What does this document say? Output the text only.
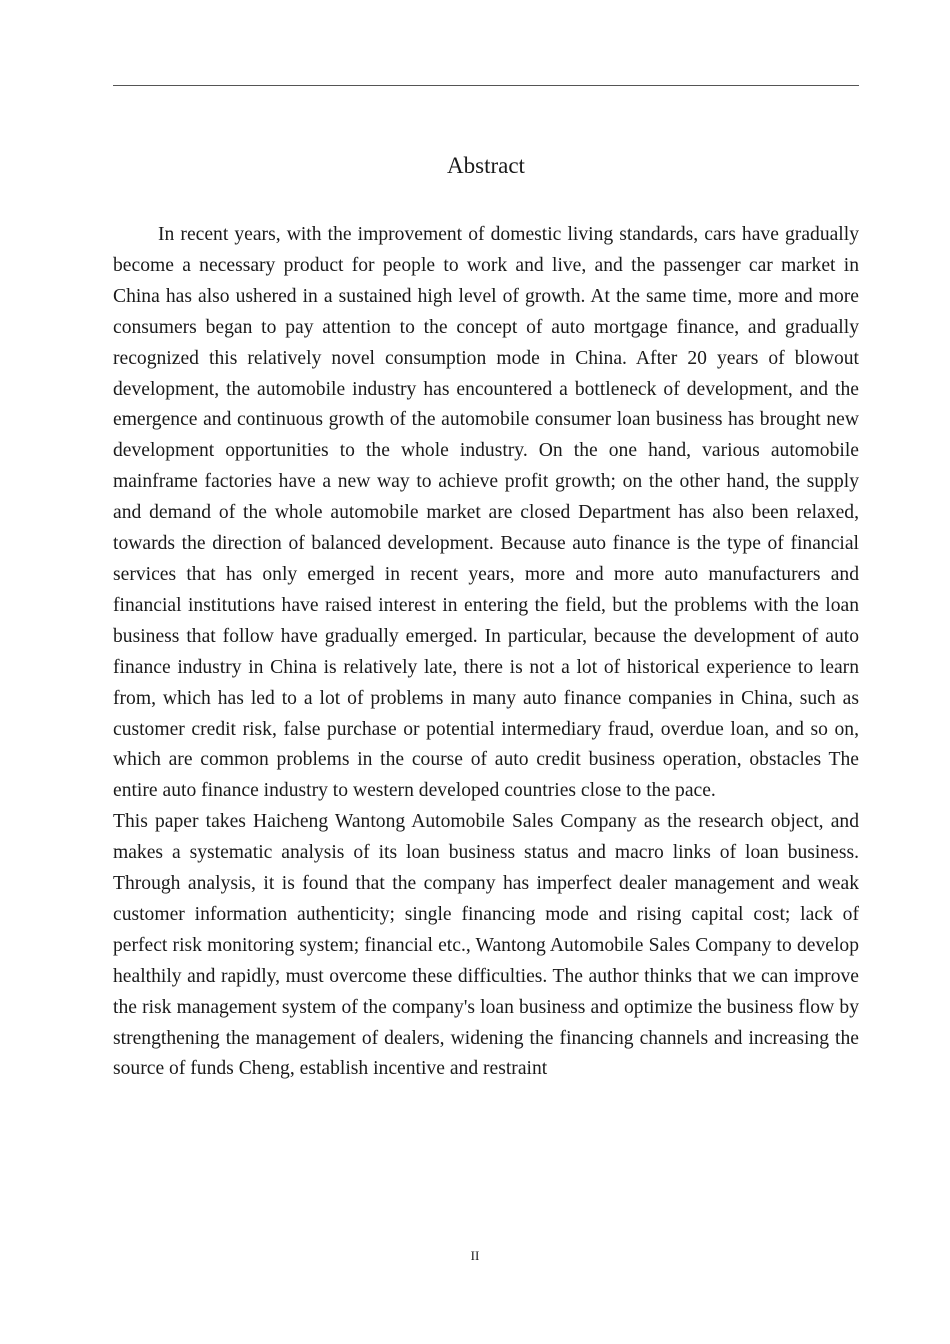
Abstract

In recent years, with the improvement of domestic living standards, cars have gradually become a necessary product for people to work and live, and the passenger car market in China has also ushered in a sustained high level of growth. At the same time, more and more consumers began to pay attention to the concept of auto mortgage finance, and gradually recognized this relatively novel consumption mode in China. After 20 years of blowout development, the automobile industry has encountered a bottleneck of development, and the emergence and continuous growth of the automobile consumer loan business has brought new development opportunities to the whole industry. On the one hand, various automobile mainframe factories have a new way to achieve profit growth; on the other hand, the supply and demand of the whole automobile market are closed Department has also been relaxed, towards the direction of balanced development. Because auto finance is the type of financial services that has only emerged in recent years, more and more auto manufacturers and financial institutions have raised interest in entering the field, but the problems with the loan business that follow have gradually emerged. In particular, because the development of auto finance industry in China is relatively late, there is not a lot of historical experience to learn from, which has led to a lot of problems in many auto finance companies in China, such as customer credit risk, false purchase or potential intermediary fraud, overdue loan, and so on, which are common problems in the course of auto credit business operation, obstacles The entire auto finance industry to western developed countries close to the pace.

This paper takes Haicheng Wantong Automobile Sales Company as the research object, and makes a systematic analysis of its loan business status and macro links of loan business. Through analysis, it is found that the company has imperfect dealer management and weak customer information authenticity; single financing mode and rising capital cost; lack of perfect risk monitoring system; financial etc., Wantong Automobile Sales Company to develop healthily and rapidly, must overcome these difficulties. The author thinks that we can improve the risk management system of the company's loan business and optimize the business flow by strengthening the management of dealers, widening the financing channels and increasing the source of funds Cheng, establish incentive and restraint

II
